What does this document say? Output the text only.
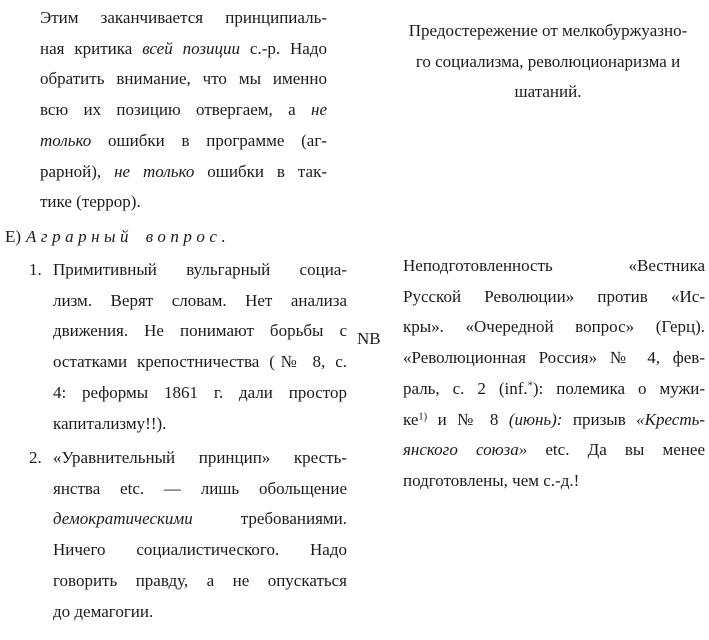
Этим заканчивается принципиаль-
ная критика всей позиции с.-р. Надо
обратить внимание, что мы именно
всю их позицию отвергаем, а не
только ошибки в программе (аг-
рарной), не только ошибки в так-
тике (террор).
Е) Аграрный вопрос.
1. Примитивный вульгарный социа-
лизм. Верят словам. Нет анализа
движения. Не понимают борьбы с
остатками крепостничества (№ 8, с.
4: реформы 1861 г. дали простор
капитализму!!).
2. «Уравнительный принцип» кресть-
янства etc. — лишь обольщение
демократическими требованиями.
Ничего социалистического. Надо
говорить правду, а не опускаться
до демагогии.
Предостережение от мелкобуржуазно-
го социализма, революционаризма и
шатаний.
NB
Неподготовленность «Вестника
Русской Революции» против «Ис-
кры». «Очередной вопрос» (Герц).
«Революционная Россия» № 4, фев-
раль, с. 2 (inf.*): полемика о мужи-
$ке^{1)}$ и № 8 (июнь): призыв «Кресть-
янского союза» etc. Да вы менее
подготовлены, чем с.-д.!
